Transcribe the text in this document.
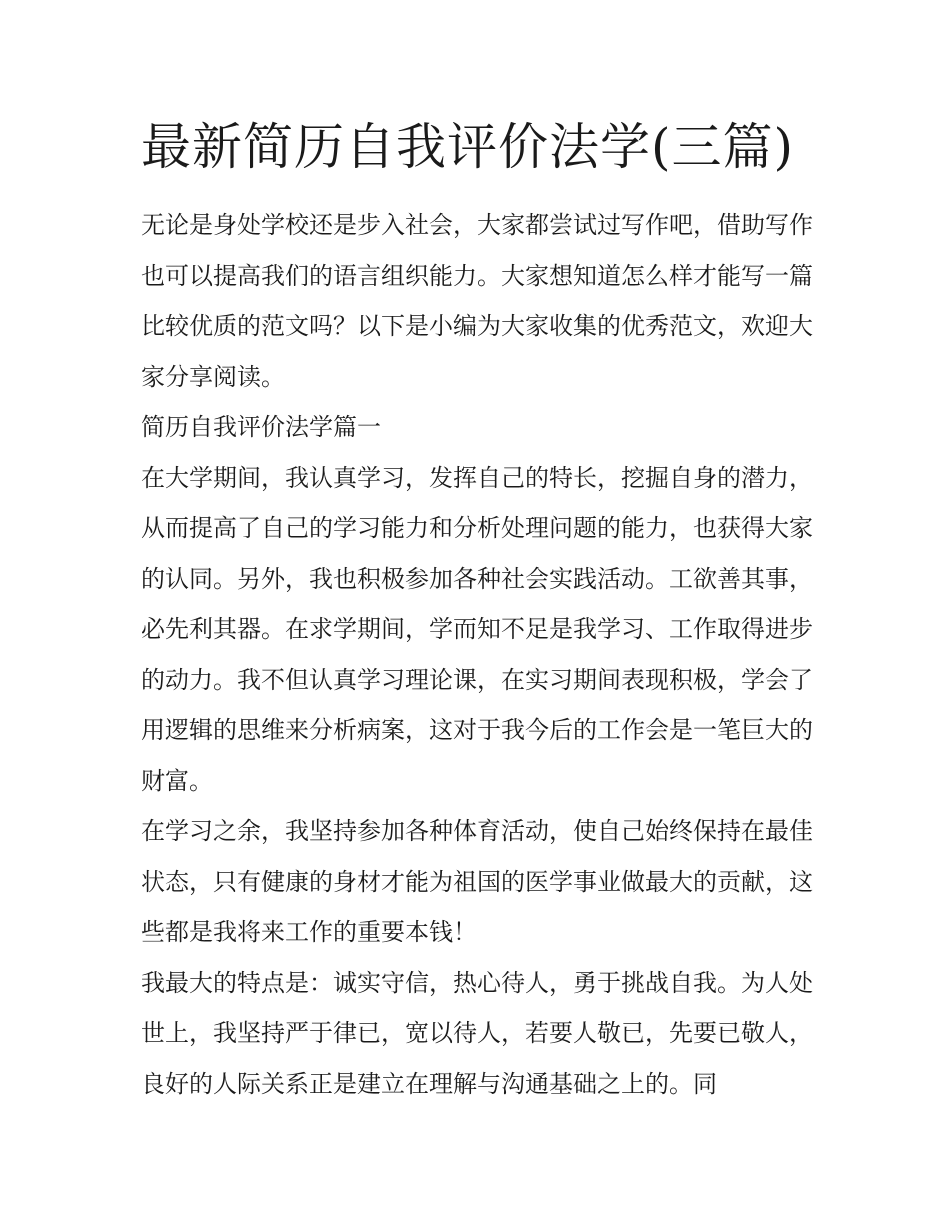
最新简历自我评价法学(三篇)

无论是身处学校还是步入社会，大家都尝试过写作吧，借助写作也可以提高我们的语言组织能力。大家想知道怎么样才能写一篇比较优质的范文吗？以下是小编为大家收集的优秀范文，欢迎大家分享阅读。

简历自我评价法学篇一

在大学期间，我认真学习，发挥自己的特长，挖掘自身的潜力，从而提高了自己的学习能力和分析处理问题的能力，也获得大家的认同。另外，我也积极参加各种社会实践活动。工欲善其事，必先利其器。在求学期间，学而知不足是我学习、工作取得进步的动力。我不但认真学习理论课，在实习期间表现积极，学会了用逻辑的思维来分析病案，这对于我今后的工作会是一笔巨大的财富。

在学习之余，我坚持参加各种体育活动，使自己始终保持在最佳状态，只有健康的身材才能为祖国的医学事业做最大的贡献，这些都是我将来工作的重要本钱！

我最大的特点是：诚实守信，热心待人，勇于挑战自我。为人处世上，我坚持严于律已，宽以待人，若要人敬已，先要已敬人，良好的人际关系正是建立在理解与沟通基础之上的。同
